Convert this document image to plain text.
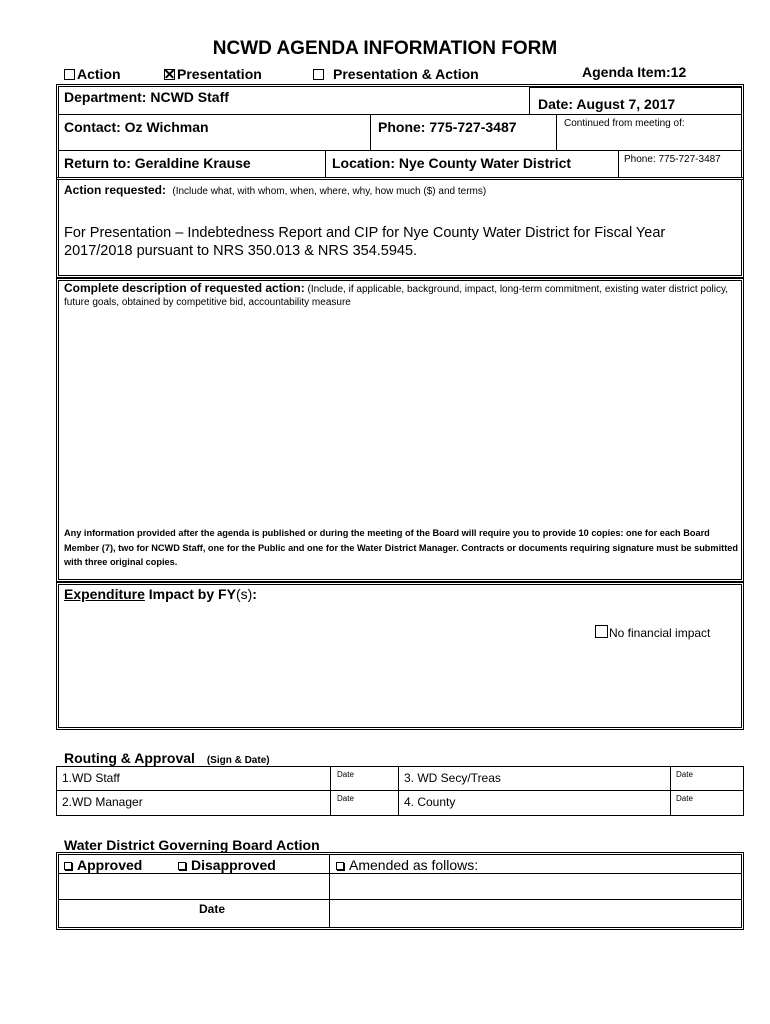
NCWD AGENDA INFORMATION FORM
Action	Presentation	Presentation & Action	Agenda Item:12
Department: NCWD Staff	Date: August 7, 2017
Contact: Oz Wichman	Phone: 775-727-3487	Continued from meeting of:
Return to: Geraldine Krause	Location: Nye County Water District	Phone: 775-727-3487
Action requested: (Include what, with whom, when, where, why, how much ($) and terms)
For Presentation – Indebtedness Report and CIP for Nye County Water District for Fiscal Year 2017/2018 pursuant to NRS 350.013 & NRS 354.5945.
Complete description of requested action: (Include, if applicable, background, impact, long-term commitment, existing water district policy, future goals, obtained by competitive bid, accountability measure
Any information provided after the agenda is published or during the meeting of the Board will require you to provide 10 copies: one for each Board Member (7), two for NCWD Staff, one for the Public and one for the Water District Manager. Contracts or documents requiring signature must be submitted with three original copies.
Expenditure Impact by FY(s):
No financial impact
Routing & Approval (Sign & Date)
1.WD Staff	Date	3. WD Secy/Treas	Date
2.WD Manager	Date	4. County	Date
Water District Governing Board Action
Approved	Disapproved	Amended as follows:
Date
